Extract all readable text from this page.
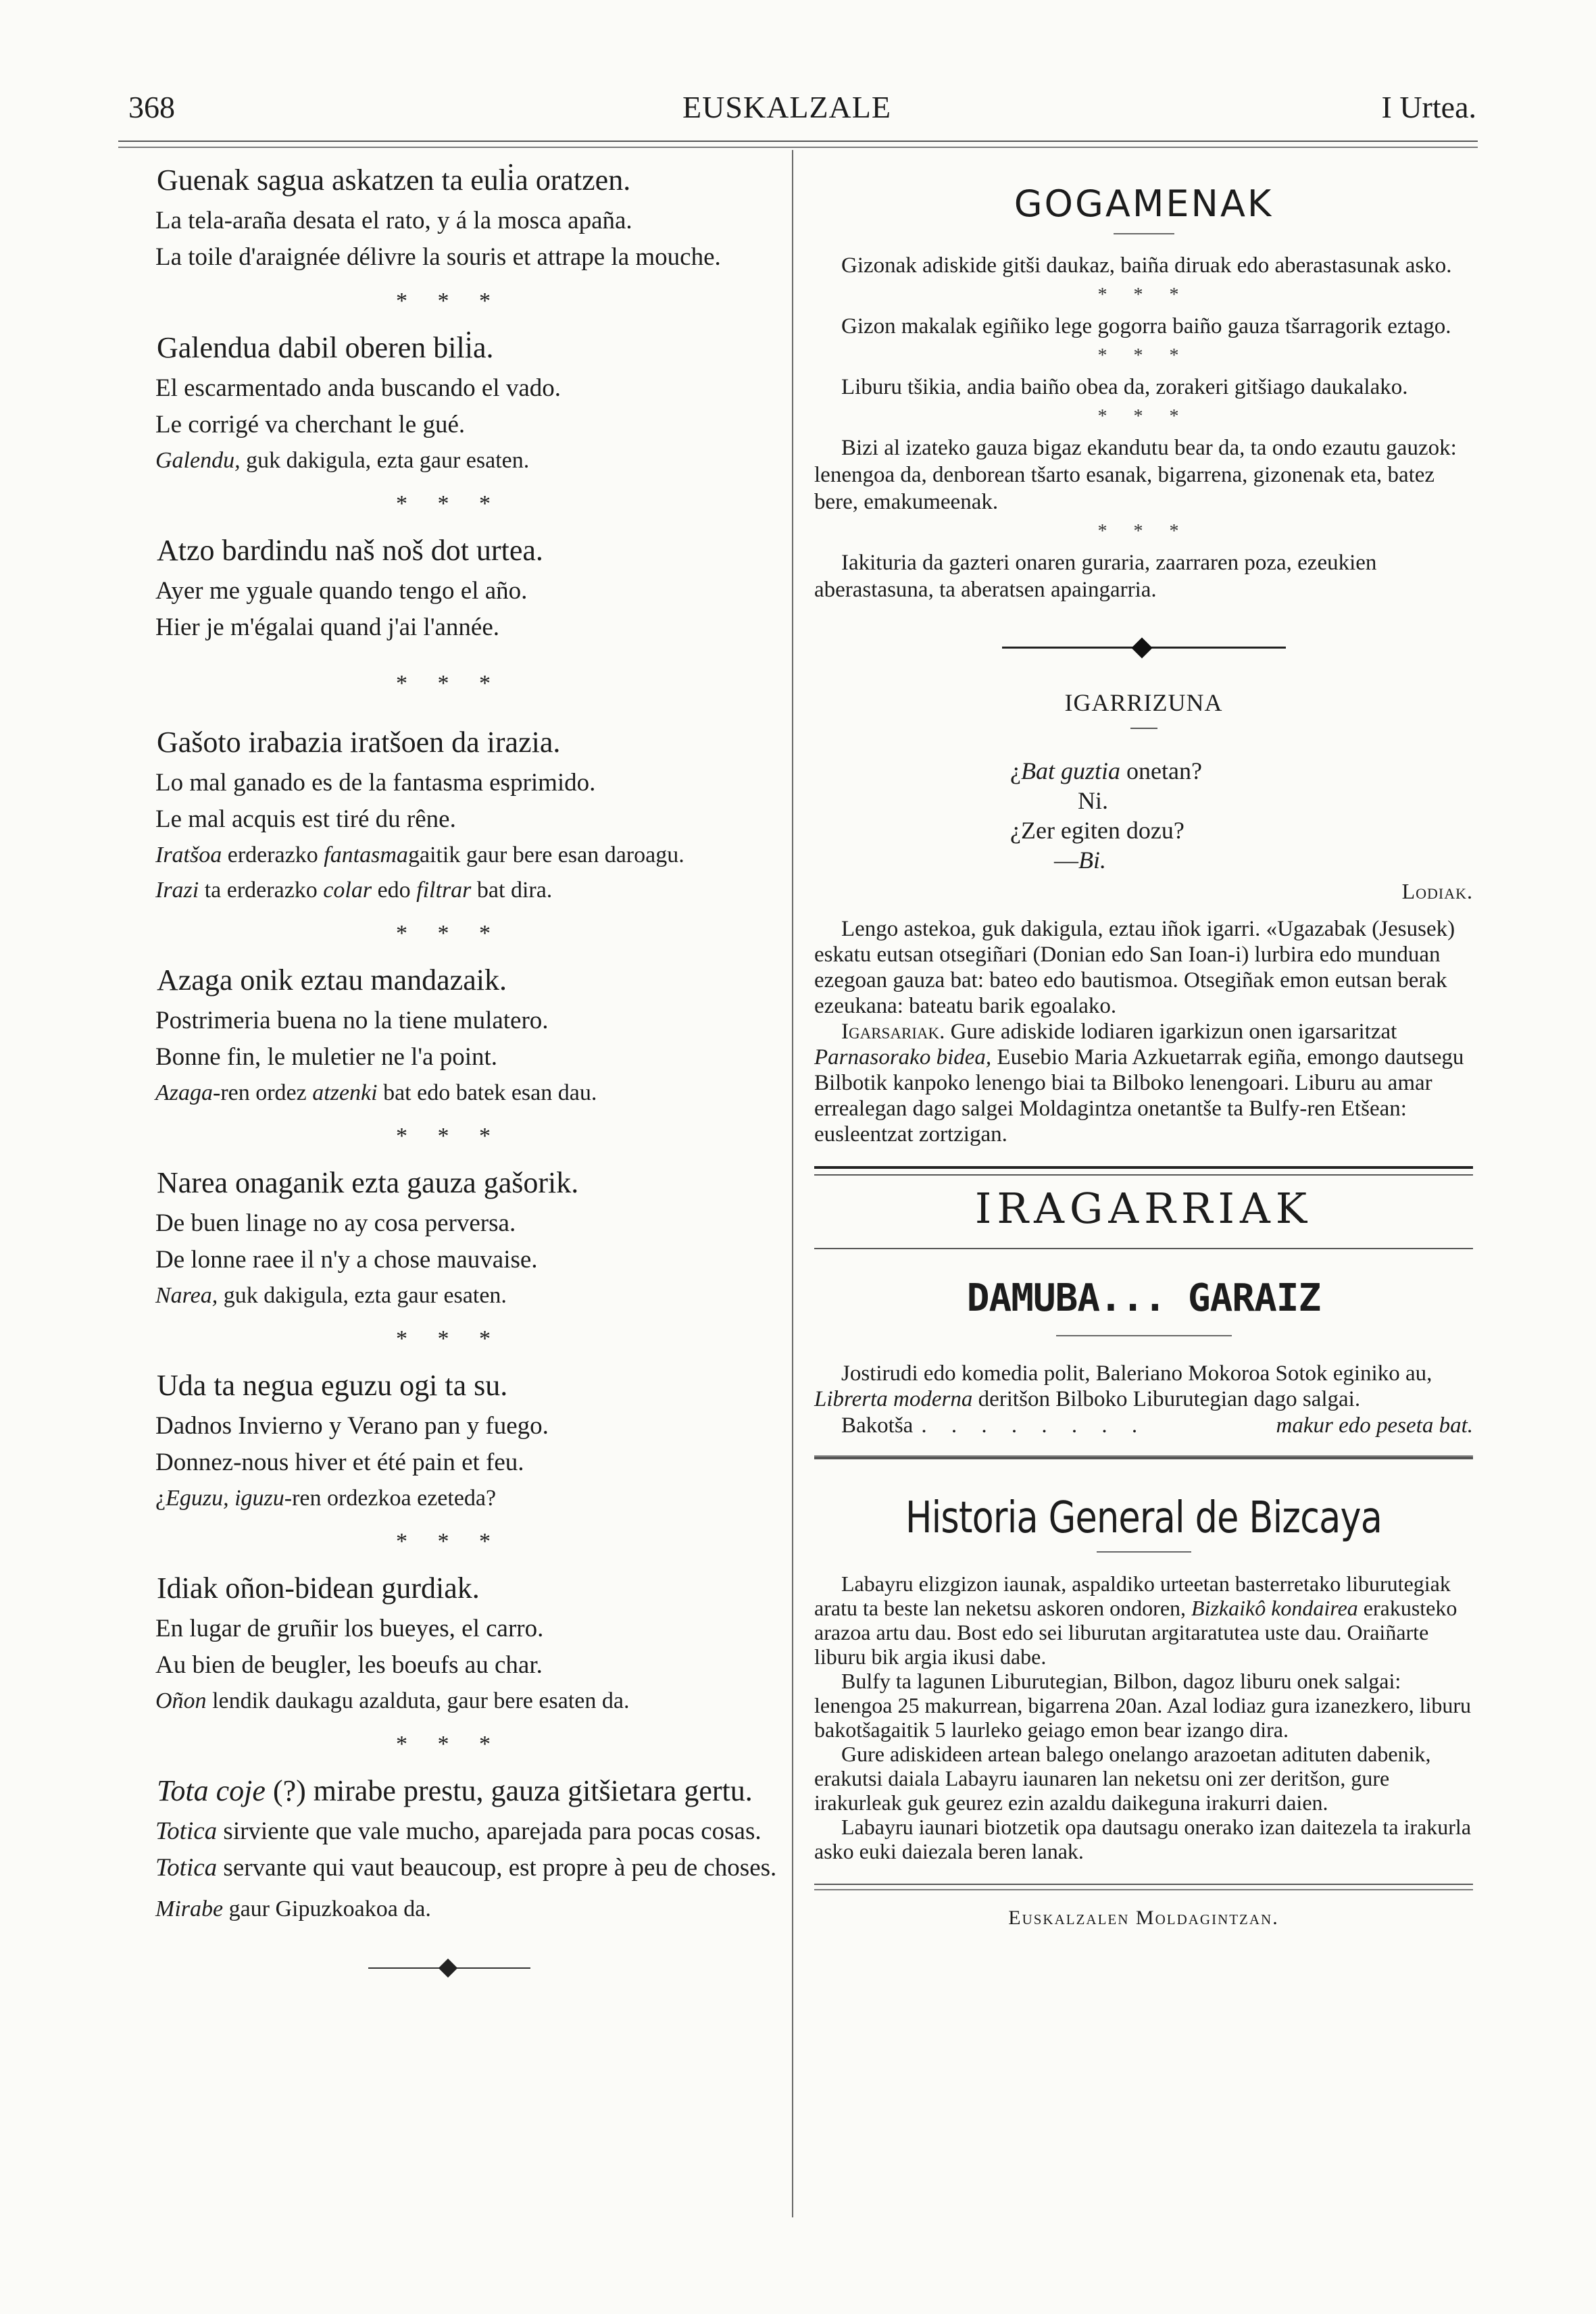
368	EUSKALZALE	I Urtea.

Guenak sagua askatzen ta euli̇a oratzen.

La tela-araña desata el rato, y á la mosca apaña.

La toile d'araignée délivre la souris et attrape la mouche.

* * *

Galendua dabil oberen bili̇a.

El escarmentado anda buscando el vado.

Le corrigé va cherchant le gué.

Galendu, guk dakigula, ezta gaur esaten.

* * *

Atzo bardindu naš noš dot urtea.

Ayer me yguale quando tengo el año.

Hier je m'égalai quand j'ai l'année.

* * *

Gašoto irabazia iratšoen da irazia.

Lo mal ganado es de la fantasma esprimido.

Le mal acquis est tiré du rêne.

Iratšoa erderazko fantasmagaitik gaur bere esan daroagu.

Irazi ta erderazko colar edo filtrar bat dira.

* * *

Azaga onik eztau mandazaik.

Postrimeria buena no la tiene mulatero.

Bonne fin, le muletier ne l'a point.

Azaga-ren ordez atzenki bat edo batek esan dau.

* * *

Narea onaganik ezta gauza gašorik.

De buen linage no ay cosa perversa.

De lonne raee il n'y a chose mauvaise.

Narea, guk dakigula, ezta gaur esaten.

* * *

Uda ta negua eguzu ogi ta su.

Dadnos Invierno y Verano pan y fuego.

Donnez-nous hiver et été pain et feu.

¿Eguzu, iguzu-ren ordezkoa ezeteda?

* * *

Idiak oñon-bidean gurdiak.

En lugar de gruñir los bueyes, el carro.

Au bien de beugler, les boeufs au char.

Oñon lendik daukagu azalduta, gaur bere esaten da.

* * *

Tota coje (?) mirabe prestu, gauza gitšietara gertu.

Totica sirviente que vale mucho, aparejada para pocas cosas.

Totica servante qui vaut beaucoup, est propre à peu de choses.

Mirabe gaur Gipuzkoakoa da.

GOGAMENAK

Gizonak adiskide gitši daukaz, baiña diruak edo aberastasunak asko.

* * *

Gizon makalak egiñiko lege gogorra baiño gauza tšarragorik eztago.

* * *

Liburu tšikia, andia baiño obea da, zorakeri gitšiago daukalako.

* * *

Bizi al izateko gauza bigaz ekandutu bear da, ta ondo ezautu gauzok: lenengoa da, denborean tšarto esanak, bigarrena, gizonenak eta, batez bere, emakumeenak.

* * *

Iakituria da gazteri onaren guraria, zaarraren poza, ezeukien aberastasuna, ta aberatsen apaingarria.

IGARRIZUNA

¿Bat guztia onetan?

Ni.

¿Zer egiten dozu?

—Bi.

Lodiak.

Lengo astekoa, guk dakigula, eztau iñok igarri. «Ugazabak (Jesusek) eskatu eutsan otsegiñari (Donian edo San Ioan-i) lurbira edo munduan ezegoan gauza bat: bateo edo bautismoa. Otsegiñak emon eutsan berak ezeukana: bateatu barik egoalako.

Igarsariak. Gure adiskide lodiaren igarkizun onen igarsaritzat Parnasorako bidea, Eusebio Maria Azkuetarrak egiña, emongo dautsegu Bilbotik kanpoko lenengo biai ta Bilboko lenengoari. Liburu au amar errealegan dago salgei Moldagintza onetantše ta Bulfy-ren Etšean: eusleentzat zortzigan.

IRAGARRIAK
DAMUBA... GARAIZ

Jostirudi edo komedia polit, Baleriano Mokoroa Sotok eginiko au, Librerta moderna deritšon Bilboko Liburutegian dago salgai.

Bakotša . . . . . . . .	makur edo peseta bat.
Historia General de Bizcaya

Labayru elizgizon iaunak, aspaldiko urteetan basterretako liburutegiak aratu ta beste lan neketsu askoren ondoren, Bizkaikô kondairea erakusteko arazoa artu dau. Bost edo sei liburutan argitaratutea uste dau. Oraiñarte liburu bik argia ikusi dabe.

Bulfy ta lagunen Liburutegian, Bilbon, dagoz liburu onek salgai: lenengoa 25 makurrean, bigarrena 20an. Azal lodiaz gura izanezkero, liburu bakotšagaitik 5 laurleko geiago emon bear izango dira.

Gure adiskideen artean balego onelango arazoetan adituten dabenik, erakutsi daiala Labayru iaunaren lan neketsu oni zer deritšon, gure irakurleak guk geurez ezin azaldu daikeguna irakurri daien.

Labayru iaunari biotzetik opa dautsagu onerako izan daitezela ta irakurla asko euki daiezala beren lanak.

Euskalzalen Moldagintzan.
